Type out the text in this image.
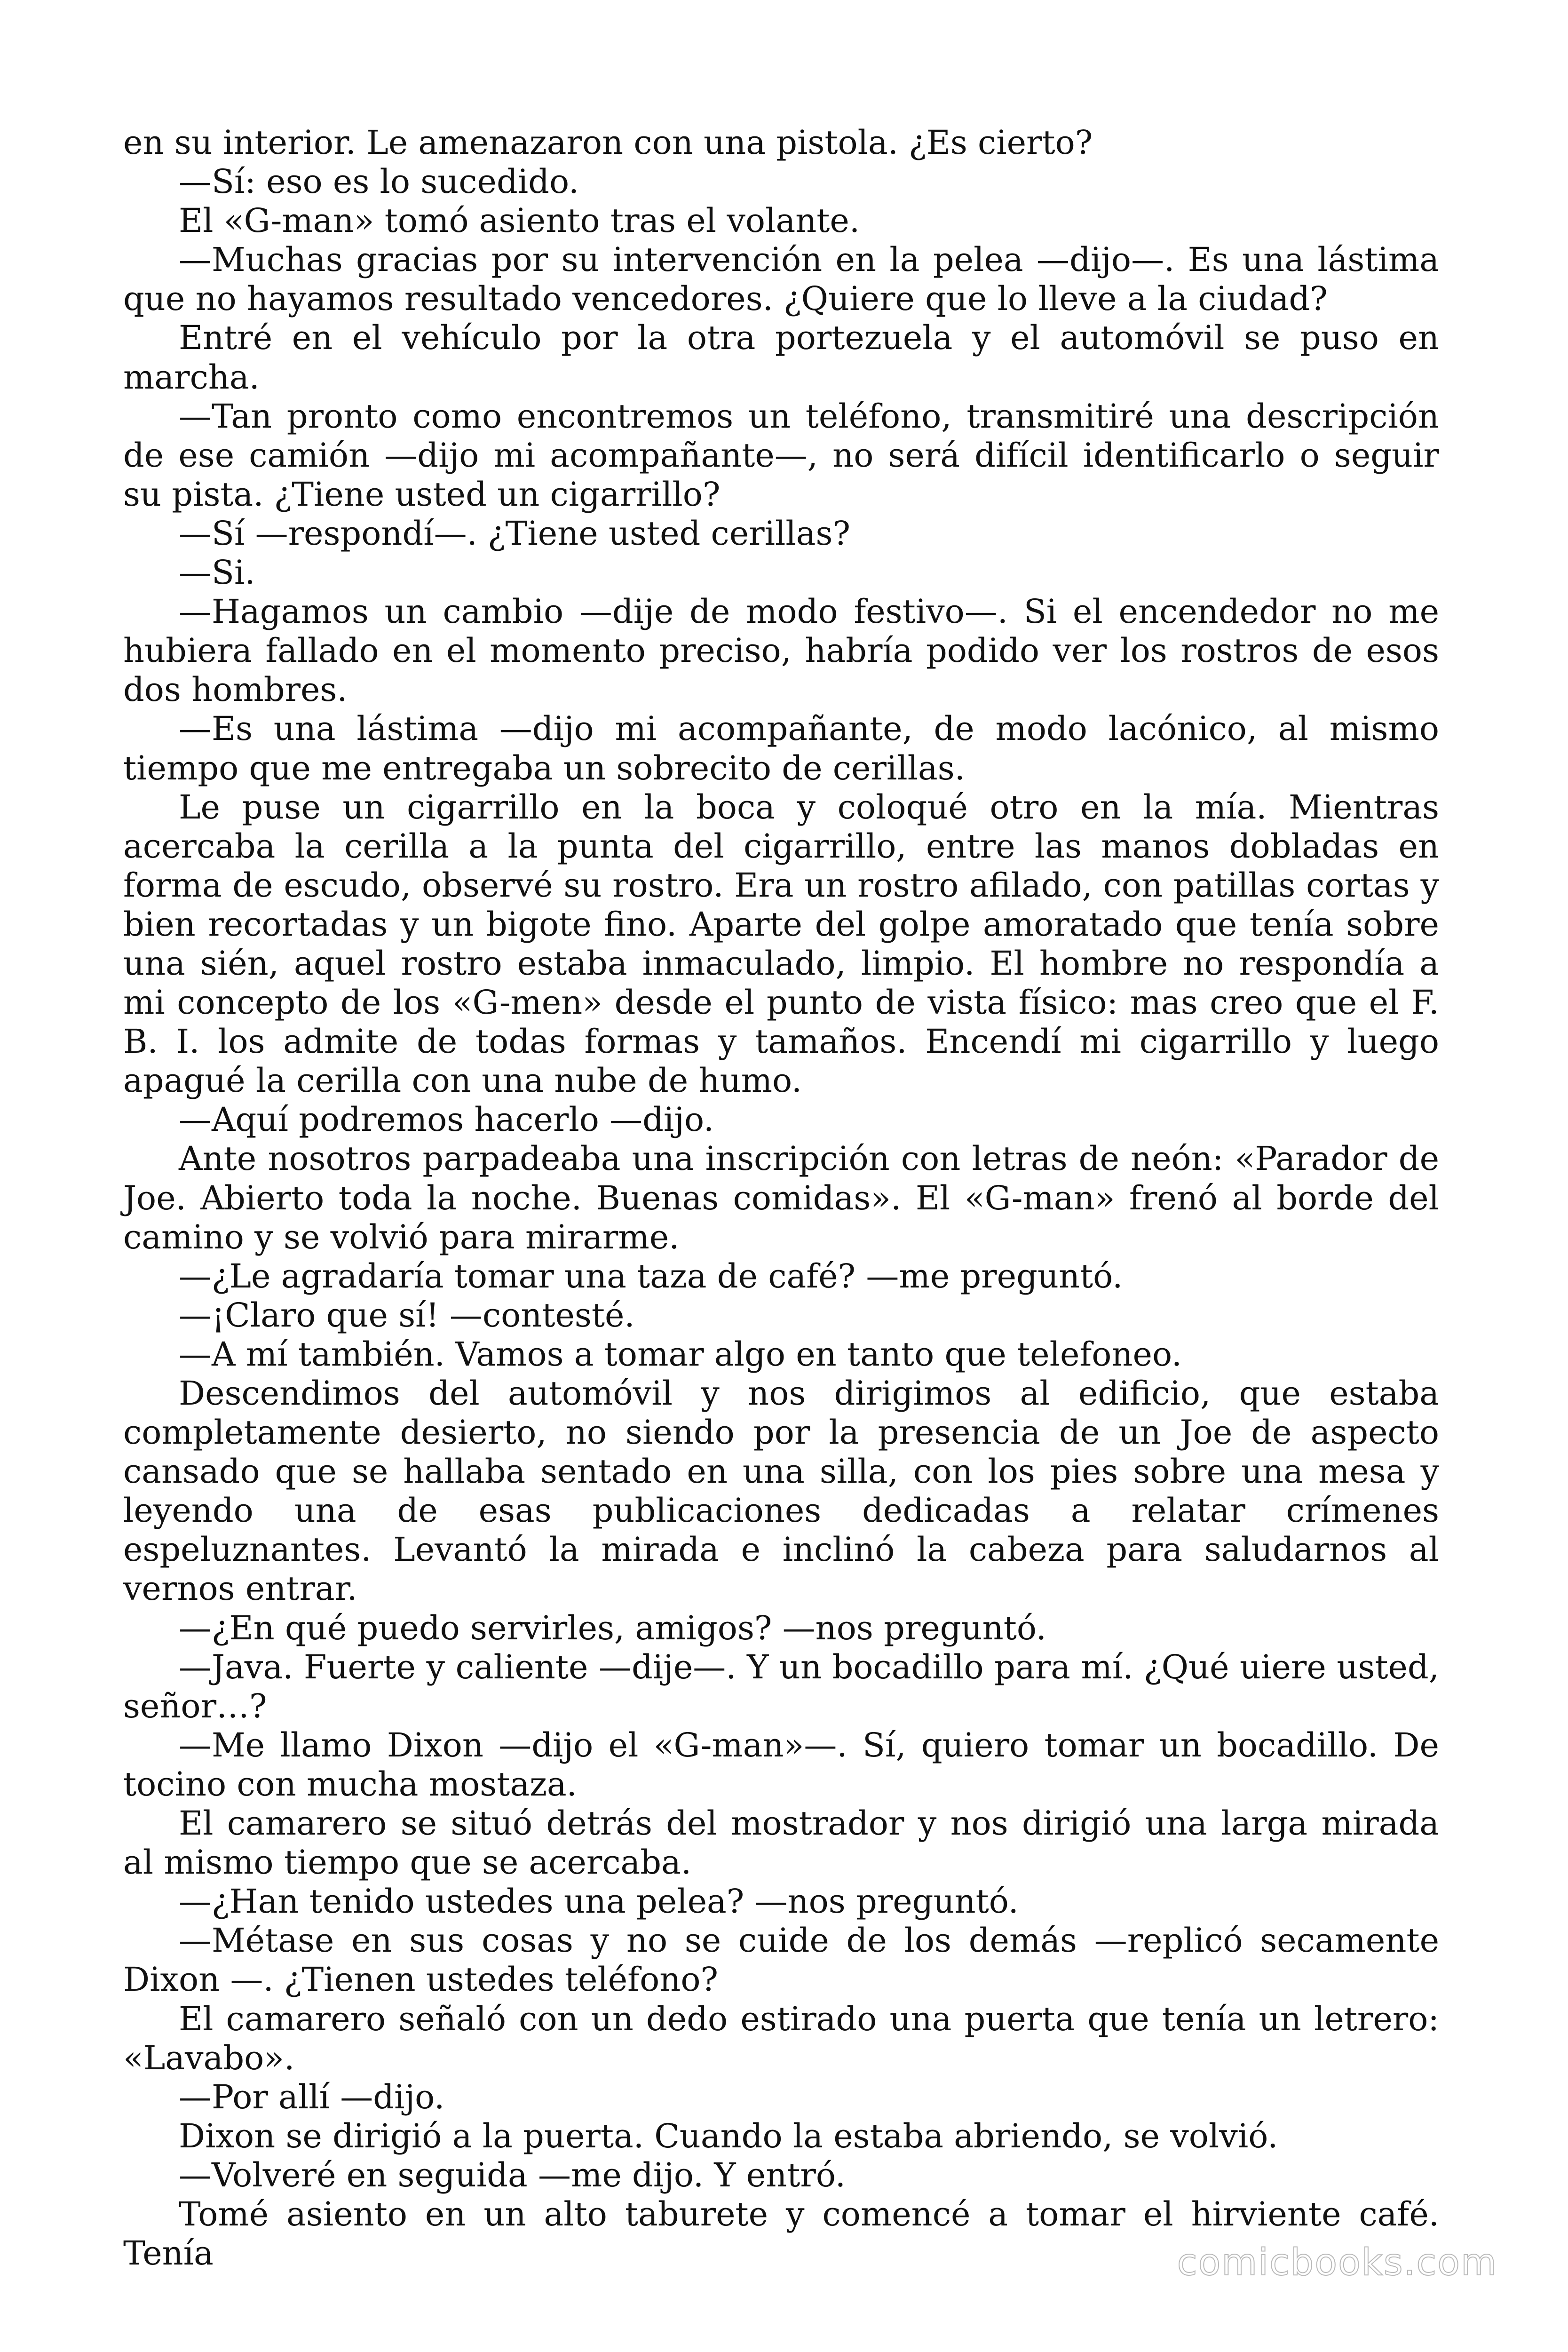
en su interior. Le amenazaron con una pistola. ¿Es cierto?

—Sí: eso es lo sucedido.

El «G-man» tomó asiento tras el volante.

—Muchas gracias por su intervención en la pelea —dijo—. Es una lástima que no hayamos resultado vencedores. ¿Quiere que lo lleve a la ciudad?

Entré en el vehículo por la otra portezuela y el automóvil se puso en marcha.

—Tan pronto como encontremos un teléfono, transmitiré una descripción de ese camión —dijo mi acompañante—, no será difícil identificarlo o seguir su pista. ¿Tiene usted un cigarrillo?

—Sí —respondí—. ¿Tiene usted cerillas?

—Si.

—Hagamos un cambio —dije de modo festivo—. Si el encendedor no me hubiera fallado en el momento preciso, habría podido ver los rostros de esos dos hombres.

—Es una lástima —dijo mi acompañante, de modo lacónico, al mismo tiempo que me entregaba un sobrecito de cerillas.

Le puse un cigarrillo en la boca y coloqué otro en la mía. Mientras acercaba la cerilla a la punta del cigarrillo, entre las manos dobladas en forma de escudo, observé su rostro. Era un rostro afilado, con patillas cortas y bien recortadas y un bigote fino. Aparte del golpe amoratado que tenía sobre una sién, aquel rostro estaba inmaculado, limpio. El hombre no respondía a mi concepto de los «G-men» desde el punto de vista físico: mas creo que el F. B. I. los admite de todas formas y tamaños. Encendí mi cigarrillo y luego apagué la cerilla con una nube de humo.

—Aquí podremos hacerlo —dijo.

Ante nosotros parpadeaba una inscripción con letras de neón: «Parador de Joe. Abierto toda la noche. Buenas comidas». El «G-man» frenó al borde del camino y se volvió para mirarme.

—¿Le agradaría tomar una taza de café? —me preguntó.

—¡Claro que sí! —contesté.

—A mí también. Vamos a tomar algo en tanto que telefoneo.

Descendimos del automóvil y nos dirigimos al edificio, que estaba completamente desierto, no siendo por la presencia de un Joe de aspecto cansado que se hallaba sentado en una silla, con los pies sobre una mesa y leyendo una de esas publicaciones dedicadas a relatar crímenes espeluznantes. Levantó la mirada e inclinó la cabeza para saludarnos al vernos entrar.

—¿En qué puedo servirles, amigos? —nos preguntó.

—Java. Fuerte y caliente —dije—. Y un bocadillo para mí. ¿Qué uiere usted, señor…?

—Me llamo Dixon —dijo el «G-man»—. Sí, quiero tomar un bocadillo. De tocino con mucha mostaza.

El camarero se situó detrás del mostrador y nos dirigió una larga mirada al mismo tiempo que se acercaba.

—¿Han tenido ustedes una pelea? —nos preguntó.

—Métase en sus cosas y no se cuide de los demás —replicó secamente Dixon —. ¿Tienen ustedes teléfono?

El camarero señaló con un dedo estirado una puerta que tenía un letrero: «Lavabo».

—Por allí —dijo.

Dixon se dirigió a la puerta. Cuando la estaba abriendo, se volvió.

—Volveré en seguida —me dijo. Y entró.

Tomé asiento en un alto taburete y comencé a tomar el hirviente café. Tenía	comicbooks.com
